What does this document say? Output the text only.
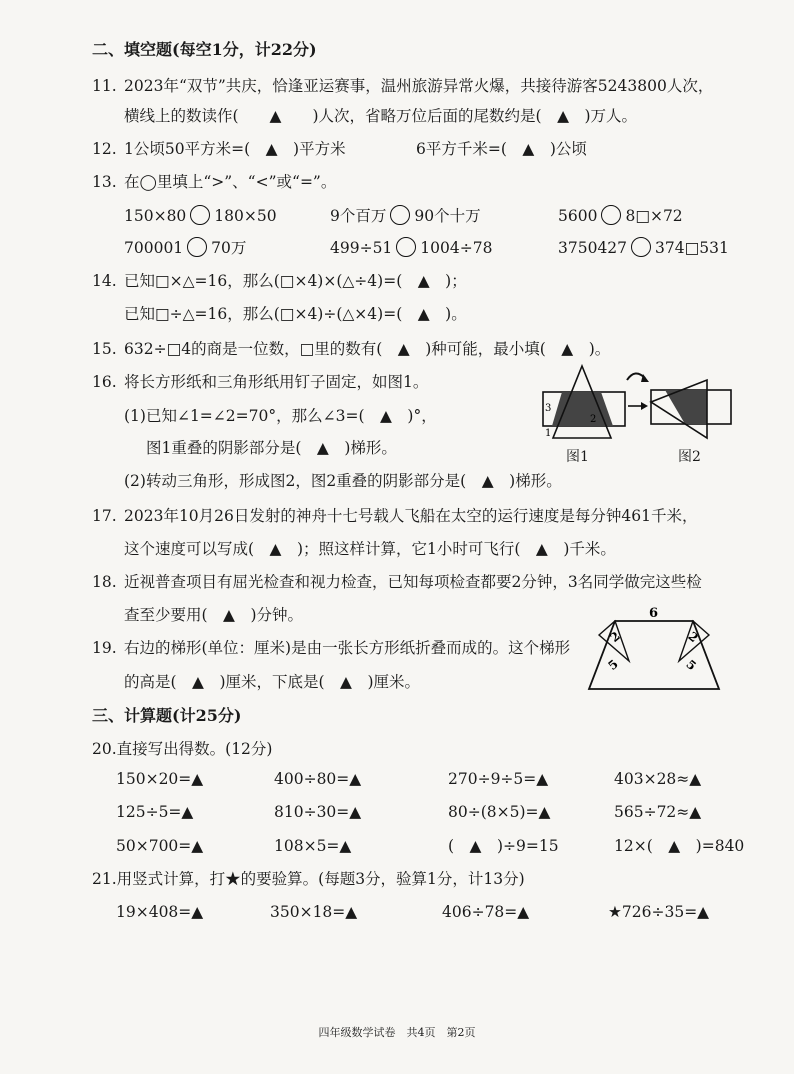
二、填空题(每空1分，计22分)
11. 2023年“双节”共庆，恰逢亚运赛事，温州旅游异常火爆，共接待游客5243800人次，
横线上的数读作(　　▲　　)人次，省略万位后面的尾数约是(　▲　)万人。
12. 1公顷50平方米=(　▲　)平方米	6平方千米=(　▲　)公顷
13. 在◯里填上“>”、“<”或“=”。
150×80 180×50	9个百万 90个十万	5600 8□×72
700001 70万	499÷51 1004÷78	3750427 374□531
14. 已知□×△=16，那么(□×4)×(△÷4)=(　▲　)；
已知□÷△=16，那么(□×4)÷(△×4)=(　▲　)。
15. 632÷□4的商是一位数，□里的数有(　▲　)种可能，最小填(　▲　)。
16. 将长方形纸和三角形纸用钉子固定，如图1。
(1)已知∠1=∠2=70°，那么∠3=(　▲　)°，
图1重叠的阴影部分是(　▲　)梯形。
(2)转动三角形，形成图2，图2重叠的阴影部分是(　▲　)梯形。
3
2
1
图1	图2
17. 2023年10月26日发射的神舟十七号载人飞船在太空的运行速度是每分钟461千米，
这个速度可以写成(　▲　)；照这样计算，它1小时可飞行(　▲　)千米。
18. 近视普查项目有屈光检查和视力检查，已知每项检查都要2分钟，3名同学做完这些检
查至少要用(　▲　)分钟。
19. 右边的梯形(单位：厘米)是由一张长方形纸折叠而成的。这个梯形
的高是(　▲　)厘米，下底是(　▲　)厘米。
6
2
5
2
5
三、计算题(计25分)
20.直接写出得数。(12分)
150×20=▲	400÷80=▲	270÷9÷5=▲	403×28≈▲
125÷5=▲	810÷30=▲	80÷(8×5)=▲	565÷72≈▲
50×700=▲	108×5=▲	(　▲　)÷9=15	12×(　▲　)=840
21.用竖式计算，打★的要验算。(每题3分，验算1分，计13分)
19×408=▲	350×18=▲	406÷78=▲	★726÷35=▲
四年级数学试卷　共4页　第2页
